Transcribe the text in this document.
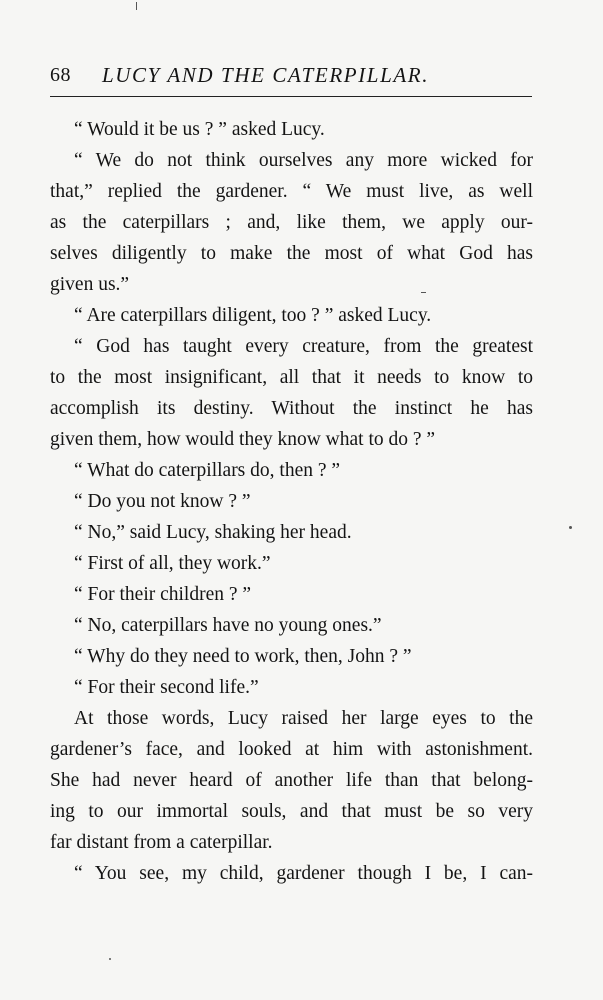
68 LUCY AND THE CATERPILLAR.
“ Would it be us ? ” asked Lucy.
“ We do not think ourselves any more wicked for
that,” replied the gardener. “ We must live, as well
as the caterpillars ; and, like them, we apply our-
selves diligently to make the most of what God has
given us.”
“ Are caterpillars diligent, too ? ” asked Lucy.
“ God has taught every creature, from the greatest
to the most insignificant, all that it needs to know to
accomplish its destiny. Without the instinct he has
given them, how would they know what to do ? ”
“ What do caterpillars do, then ? ”
“ Do you not know ? ”
“ No,” said Lucy, shaking her head.
“ First of all, they work.”
“ For their children ? ”
“ No, caterpillars have no young ones.”
“ Why do they need to work, then, John ? ”
“ For their second life.”
At those words, Lucy raised her large eyes to the
gardener’s face, and looked at him with astonishment.
She had never heard of another life than that belong-
ing to our immortal souls, and that must be so very
far distant from a caterpillar.
“ You see, my child, gardener though I be, I can-
